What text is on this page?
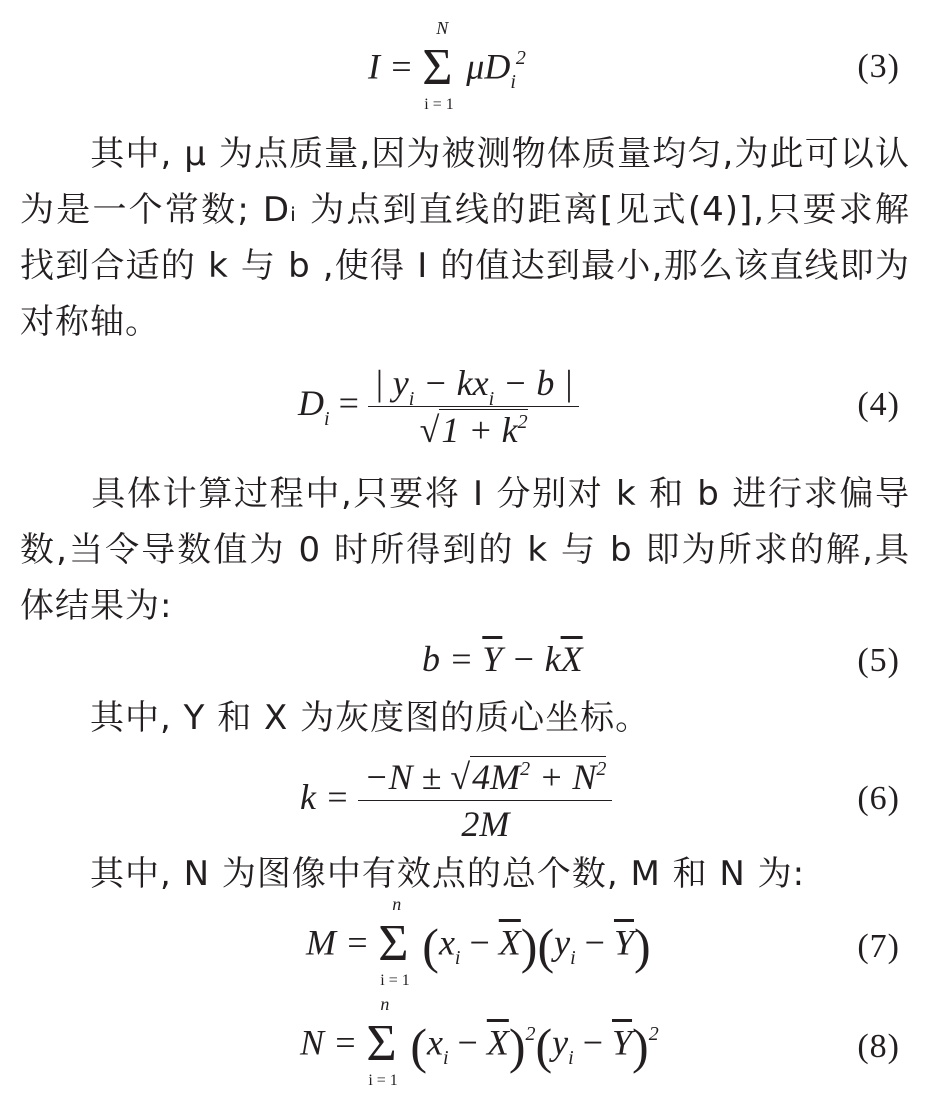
I = Σ
N
i = 1
$\mu D_i^2$	(3)
　　其中, μ 为点质量,因为被测物体质量均匀,为此可以认为是一个常数; Dᵢ 为点到直线的距离[见式(4)],只要求解找到合适的 k 与 b ,使得 I 的值达到最小,那么该直线即为对称轴。
$D_i = \frac{| y_i - kx_i - b |}{√1 + k^2}$	(4)
　　具体计算过程中,只要将 I 分别对 k 和 b 进行求偏导数,当令导数值为 0 时所得到的 k 与 b 即为所求的解,具体结果为:
$b = \overline{Y} - k\overline{X}$	(5)
　　其中, Y 和 X 为灰度图的质心坐标。
$k = \frac{-N \pm √4M^2 + N^2}{2M}$	(6)
　　其中, N 为图像中有效点的总个数, M 和 N 为:
M = Σ
n
i = 1
$(x_i - \overline{X})(y_i - \overline{Y})$	(7)
N = Σ
n
i = 1
$(x_i - \overline{X})^2(y_i - \overline{Y})^2$	(8)
